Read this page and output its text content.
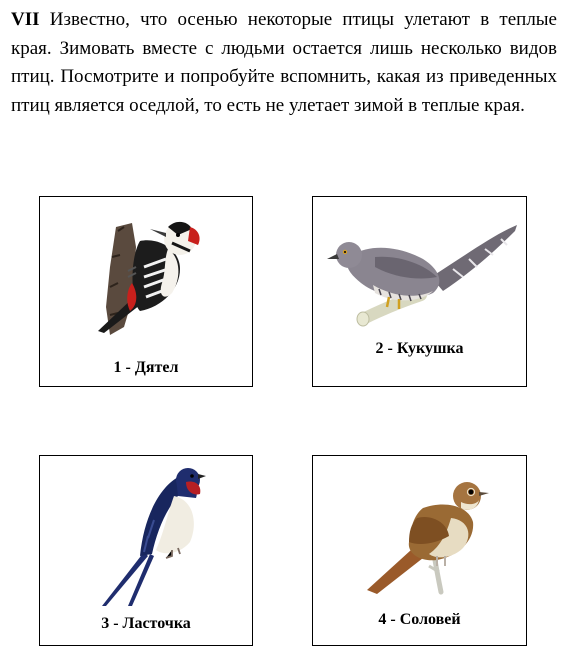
VII Известно, что осенью некоторые птицы улетают в теплые края. Зимовать вместе с людьми остается лишь несколько видов птиц. Посмотрите и попробуйте вспомнить, какая из приведенных птиц является оседлой, то есть не улетает зимой в теплые края.

1 - Дятел
2 - Кукушка
3 - Ласточка	4 - Соловей
